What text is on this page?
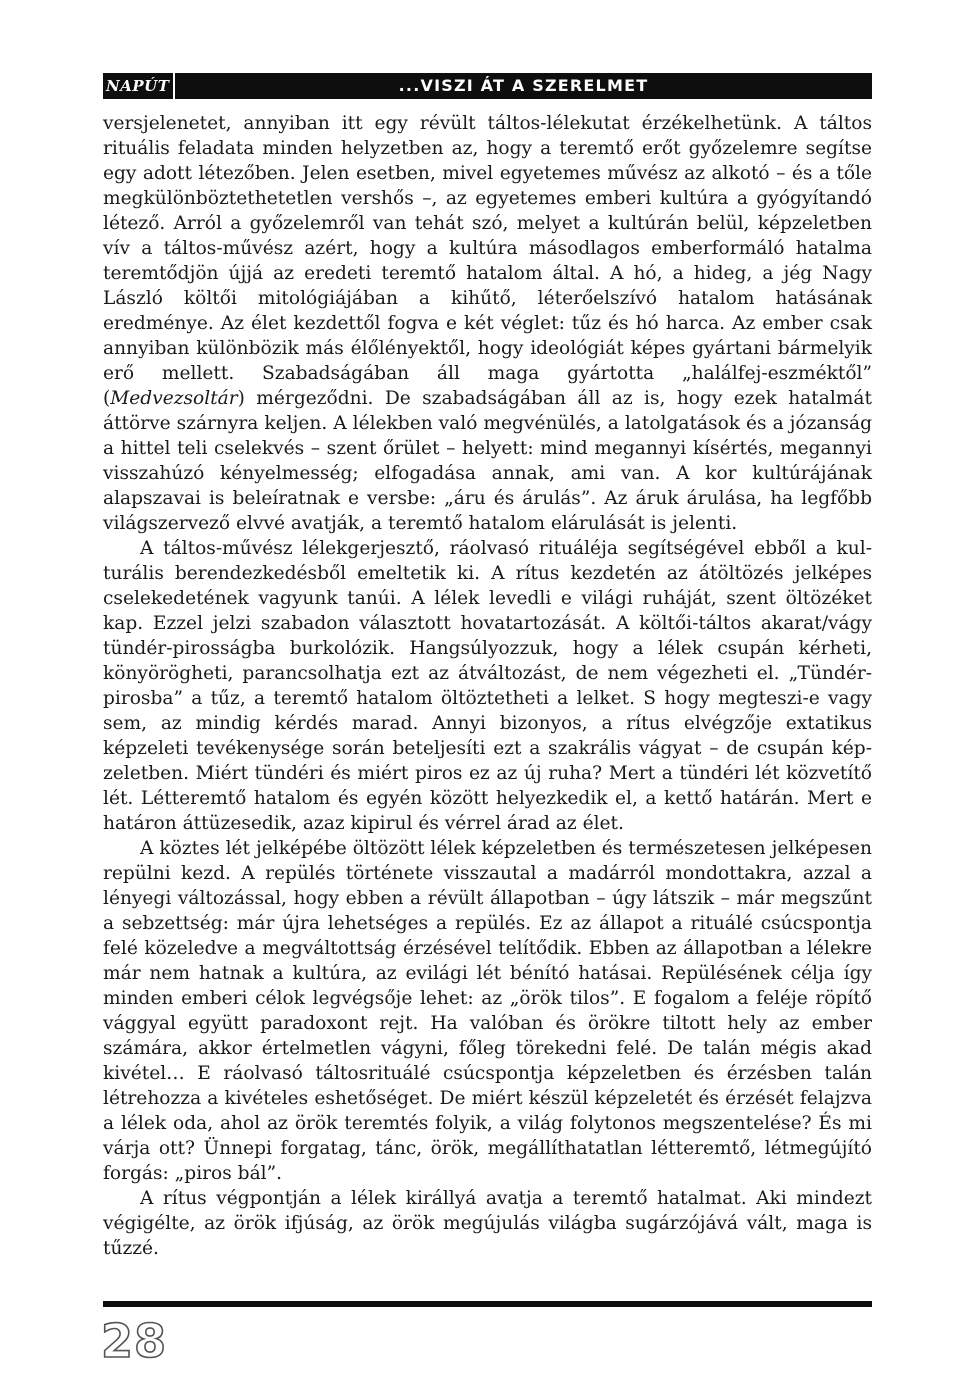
NAPÚT	...VISZI ÁT A SZERELMET

versjelenetet, annyiban itt egy révült táltos-lélekutat érzékelhetünk. A táltos rituális feladata minden helyzetben az, hogy a teremtő erőt győzelemre segítse egy adott létezőben. Jelen esetben, mivel egyetemes művész az alkotó – és a tőle megkülönböztethetetlen vershős –, az egyetemes emberi kultúra a gyógyítandó létező. Arról a győzelemről van tehát szó, melyet a kultúrán belül, képzeletben vív a táltos-művész azért, hogy a kultúra másodlagos emberformáló hatalma teremtődjön újjá az eredeti teremtő hatalom által. A hó, a hideg, a jég Nagy László költői mitológiájában a kihűtő, léterőelszívó hatalom hatásának eredménye. Az élet kezdettől fogva e két véglet: tűz és hó harca. Az ember csak annyiban különbözik más élőlényektől, hogy ideológiát képes gyártani bármelyik erő mellett. Szabadságában áll maga gyártotta „halálfej-eszméktől” (Medvezsoltár) mérgeződni. De szabadságában áll az is, hogy ezek hatalmát áttörve szárnyra keljen. A lélekben való megvénülés, a latolgatások és a józanság a hittel teli cselekvés – szent őrület – helyett: mind megannyi kísértés, megannyi visszahúzó kényelmesség; elfogadása annak, ami van. A kor kultúrájának alapszavai is beleíratnak e versbe: „áru és árulás”. Az áruk árulása, ha legfőbb világszervező elvvé avatják, a teremtő hatalom elárulását is jelenti.

A táltos-művész lélekgerjesztő, ráolvasó rituáléja segítségével ebből a kulturális berendezkedésből emeltetik ki. A rítus kezdetén az átöltözés jelképes cselekedetének vagyunk tanúi. A lélek levedli e világi ruháját, szent öltözéket kap. Ezzel jelzi szabadon választott hovatartozását. A költői-táltos akarat/vágy tündér-pirosságba burkolózik. Hangsúlyozzuk, hogy a lélek csupán kérheti, könyörögheti, parancsolhatja ezt az átváltozást, de nem végezheti el. „Tündér-pirosba” a tűz, a teremtő hatalom öltöztetheti a lelket. S hogy megteszi-e vagy sem, az mindig kérdés marad. Annyi bizonyos, a rítus elvégzője extatikus képzeleti tevékenysége során beteljesíti ezt a szakrális vágyat – de csupán képzeletben. Miért tündéri és miért piros ez az új ruha? Mert a tündéri lét közvetítő lét. Létteremtő hatalom és egyén között helyezkedik el, a kettő határán. Mert e határon áttüzesedik, azaz kipirul és vérrel árad az élet.

A köztes lét jelképébe öltözött lélek képzeletben és természetesen jelképesen repülni kezd. A repülés története visszautal a madárról mondottakra, azzal a lényegi változással, hogy ebben a révült állapotban – úgy látszik – már megszűnt a sebzettség: már újra lehetséges a repülés. Ez az állapot a rituálé csúcspontja felé közeledve a megváltottság érzésével telítődik. Ebben az állapotban a lélekre már nem hatnak a kultúra, az evilági lét bénító hatásai. Repülésének célja így minden emberi célok legvégsője lehet: az „örök tilos”. E fogalom a feléje röpítő vággyal együtt paradoxont rejt. Ha valóban és örökre tiltott hely az ember számára, akkor értelmetlen vágyni, főleg törekedni felé. De talán mégis akad kivétel… E ráolvasó táltosrituálé csúcspontja képzeletben és érzésben talán létrehozza a kivételes eshetőséget. De miért készül képzeletét és érzését felajzva a lélek oda, ahol az örök teremtés folyik, a világ folytonos megszentelése? És mi várja ott? Ünnepi forgatag, tánc, örök, megállíthatatlan létteremtő, létmegújító forgás: „piros bál”.

A rítus végpontján a lélek királlyá avatja a teremtő hatalmat. Aki mindezt végigélte, az örök ifjúság, az örök megújulás világba sugárzójává vált, maga is tűzzé.

28
